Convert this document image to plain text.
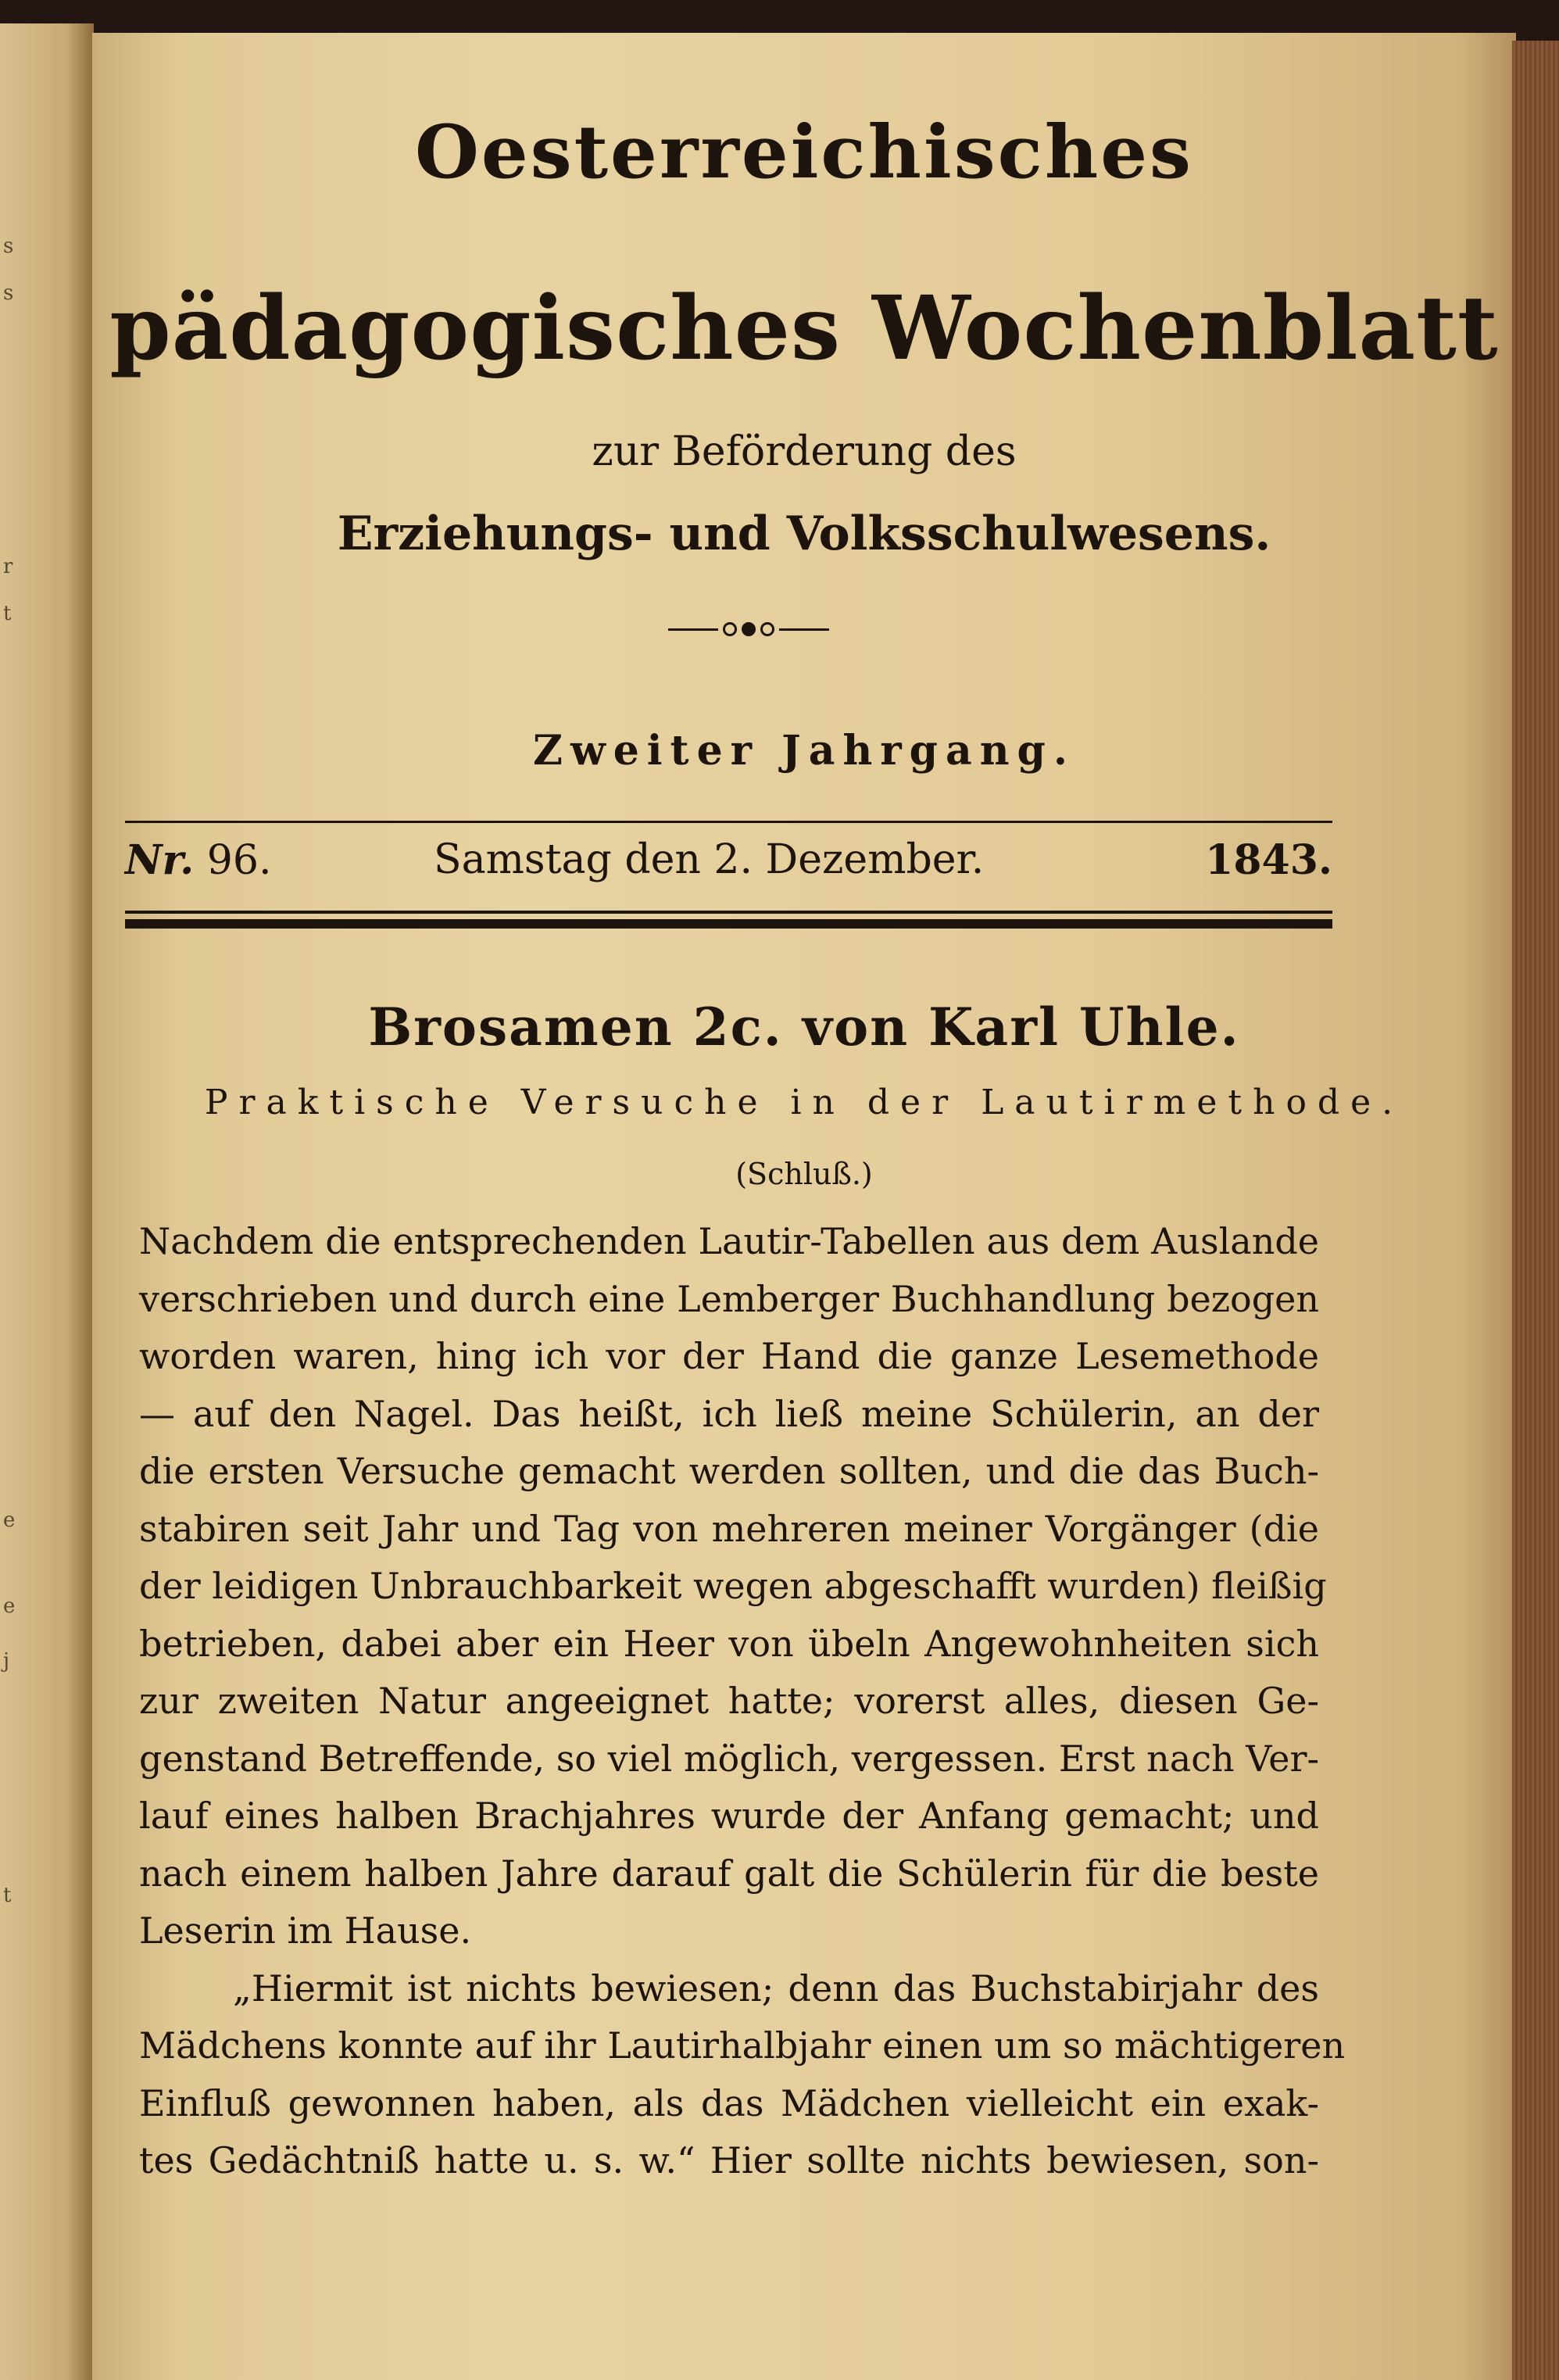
s
s
r
t
e
e
j
t
Oesterreichisches
pädagogisches Wochenblatt
zur Beförderung des
Erziehungs- und Volksschulwesens.
Zweiter Jahrgang.
Nr. 96.	Samstag den 2. Dezember.	1843.
Brosamen 2c. von Karl Uhle.
Praktische Versuche in der Lautirmethode.
(Schluß.)
Nachdem die entsprechenden Lautir-Tabellen aus dem Auslande
verschrieben und durch eine Lemberger Buchhandlung bezogen
worden waren, hing ich vor der Hand die ganze Lesemethode
— auf den Nagel. Das heißt, ich ließ meine Schülerin, an der
die ersten Versuche gemacht werden sollten, und die das Buch-
stabiren seit Jahr und Tag von mehreren meiner Vorgänger (die
der leidigen Unbrauchbarkeit wegen abgeschafft wurden) fleißig
betrieben, dabei aber ein Heer von übeln Angewohnheiten sich
zur zweiten Natur angeeignet hatte; vorerst alles, diesen Ge-
genstand Betreffende, so viel möglich, vergessen. Erst nach Ver-
lauf eines halben Brachjahres wurde der Anfang gemacht; und
nach einem halben Jahre darauf galt die Schülerin für die beste
Leserin im Hause.
„Hiermit ist nichts bewiesen; denn das Buchstabirjahr des
Mädchens konnte auf ihr Lautirhalbjahr einen um so mächtigeren
Einfluß gewonnen haben, als das Mädchen vielleicht ein exak-
tes Gedächtniß hatte u. s. w.“ Hier sollte nichts bewiesen, son-
